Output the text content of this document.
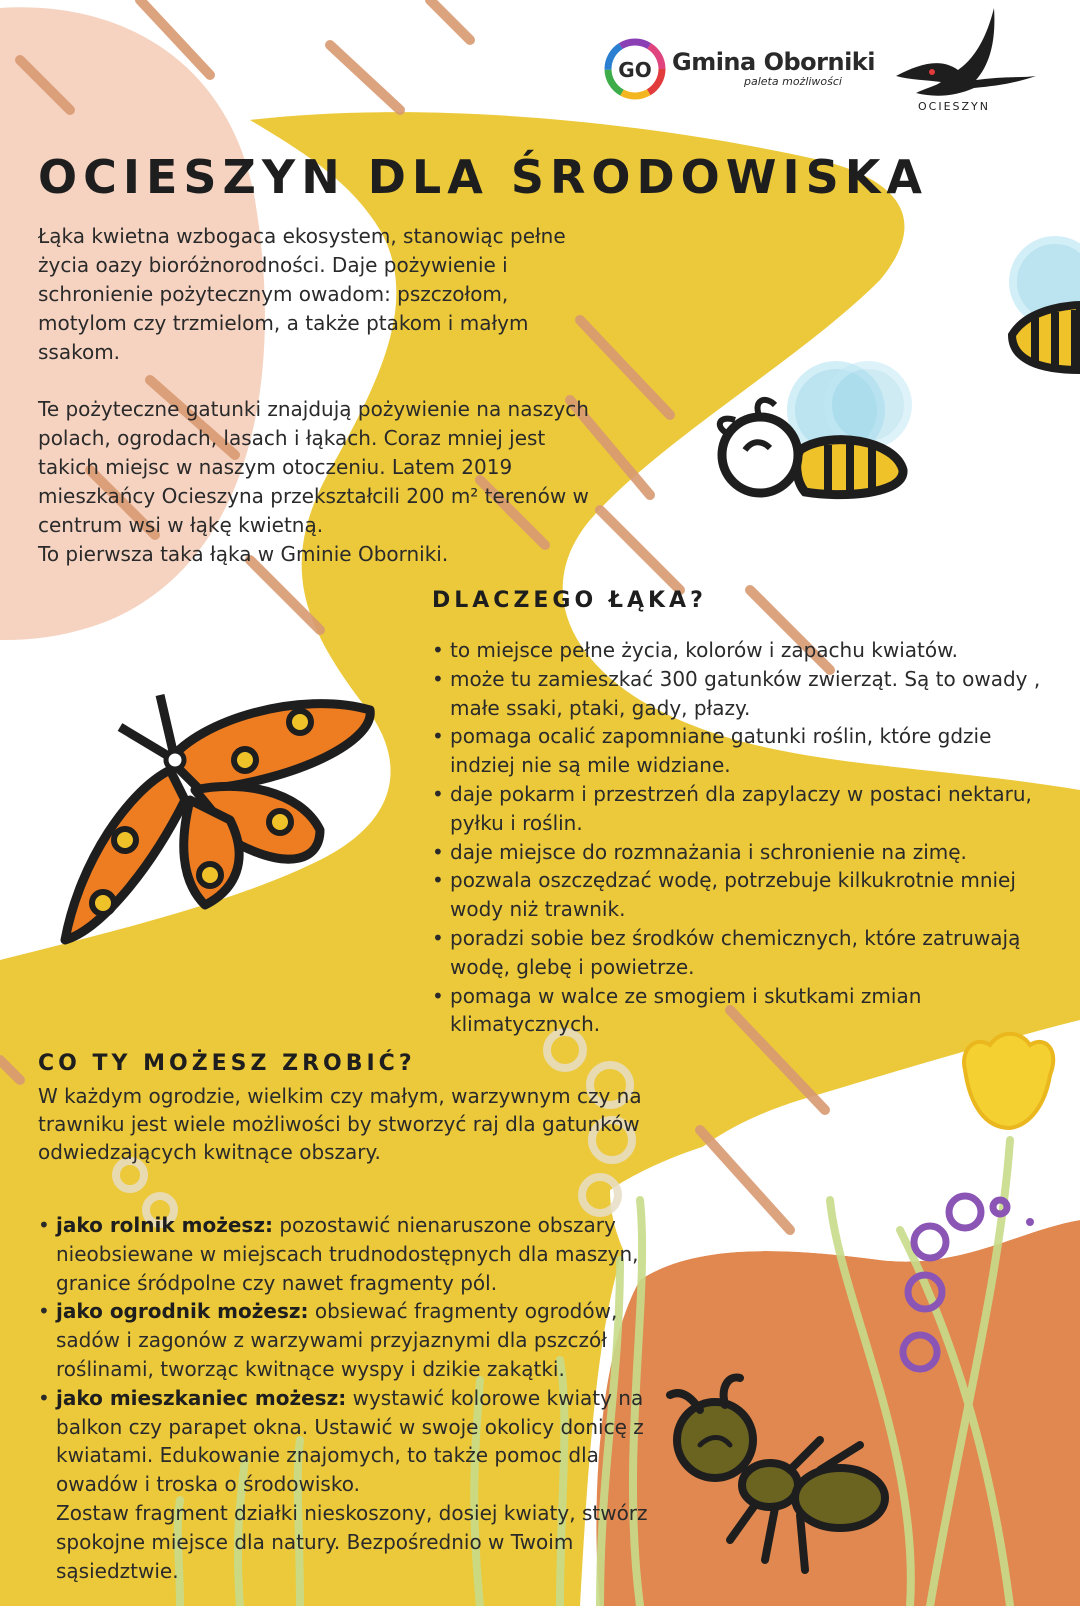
GO Gmina Oborniki
paleta możliwości
OCIESZYN
OCIESZYN DLA ŚRODOWISKA

Łąka kwietna wzbogaca ekosystem, stanowiąc pełne życia oazy bioróżnorodności. Daje pożywienie i schronienie pożytecznym owadom: pszczołom, motylom czy trzmielom, a także ptakom i małym ssakom.

Te pożyteczne gatunki znajdują pożywienie na naszych polach, ogrodach, lasach i łąkach. Coraz mniej jest takich miejsc w naszym otoczeniu. Latem 2019 mieszkańcy Ocieszyna przekształcili 200 m² terenów w centrum wsi w łąkę kwietną.
To pierwsza taka łąka w Gminie Oborniki.

DLACZEGO ŁĄKA?
• to miejsce pełne życia, kolorów i zapachu kwiatów.
• może tu zamieszkać 300 gatunków zwierząt. Są to owady , małe ssaki, ptaki, gady, płazy.
• pomaga ocalić zapomniane gatunki roślin, które gdzie indziej nie są mile widziane.
• daje pokarm i przestrzeń dla zapylaczy w postaci nektaru, pyłku i roślin.
• daje miejsce do rozmnażania i schronienie na zimę.
• pozwala oszczędzać wodę, potrzebuje kilkukrotnie mniej wody niż trawnik.
• poradzi sobie bez środków chemicznych, które zatruwają wodę, glebę i powietrze.
• pomaga w walce ze smogiem i skutkami zmian klimatycznych.
CO TY MOŻESZ ZROBIĆ?

W każdym ogrodzie, wielkim czy małym, warzywnym czy na trawniku jest wiele możliwości by stworzyć raj dla gatunków odwiedzających kwitnące obszary.

• jako rolnik możesz: pozostawić nienaruszone obszary nieobsiewane w miejscach trudnodostępnych dla maszyn, granice śródpolne czy nawet fragmenty pól.
• jako ogrodnik możesz: obsiewać fragmenty ogrodów, sadów i zagonów z warzywami przyjaznymi dla pszczół roślinami, tworząc kwitnące wyspy i dzikie zakątki.
• jako mieszkaniec możesz: wystawić kolorowe kwiaty na balkon czy parapet okna. Ustawić w swoje okolicy donicę z kwiatami. Edukowanie znajomych, to także pomoc dla owadów i troska o środowisko.
Zostaw fragment działki nieskoszony, dosiej kwiaty, stwórz spokojne miejsce dla natury. Bezpośrednio w Twoim sąsiedztwie.
